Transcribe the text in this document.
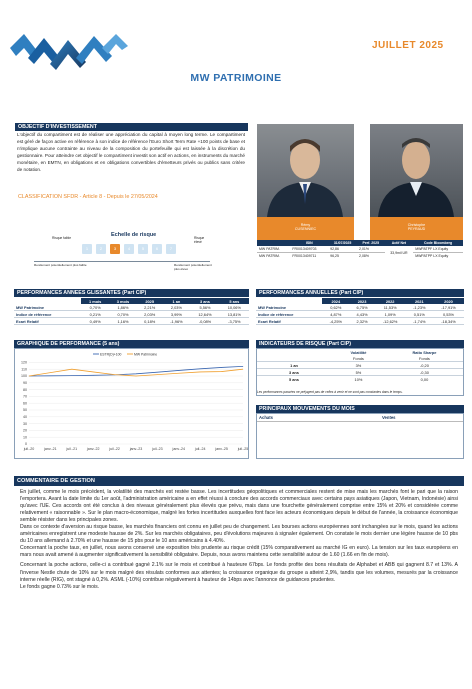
JUILLET 2025
MW PATRIMOINE
OBJECTIF D'INVESTISSEMENT
L'objectif du compartiment est de réaliser une appréciation du capital à moyen long terme. Le compartiment est géré de façon active en référence à son indice de référence l'Euro Short Term Rate +100 points de base et n'implique aucune contrainte au niveau de la composition du portefeuille qui est laissée à la discrétion du gestionnaire. Pour atteindre cet objectif le compartiment investit son actif en actions, en instruments du marché monétaire, en EMTN, en obligations et en obligations convertibles d'émetteurs privés ou publics sans critère de notation.
CLASSIFICATION SFDR - Article 8 - Depuis le 27/05/2024
Echelle de risque
Risque faible	Risque élevé
Rendement potentiellement plus faible	Rendement potentiellement plus élevé
1	2	3	4	5	6	7
Rémy
CUSENNIEC
Christophe
PEYRAUD
	ISIN	31/07/2025	Perf. 2025	Actif Net	Code Bloomberg
MW PATRIM.	FR0013409703	92,86	2,01%	33,9mil UR	MWPATPF LX Equity
MW PATRIM.	FR0013409711	96,25	2,08%		MWPATPP LX Equity
PERFORMANCES ANNEES GLISSANTES (Part CIP)
	1 mois	3 mois	2025	1 an	3 ans	5 ans
MW Patrimoine	0,70%	1,86%	2,21%	2,03%	5,56%	10,06%
Indice de référence	0,21%	0,70%	2,03%	3,99%	12,64%	13,81%
Ecart Relatif	0,49%	1,16%	0,18%	-1,96%	-0,08%	-3,75%
PERFORMANCES ANNUELLES (Part CIP)
	2024	2023	2022	2021	2020
MW Patrimoine	0,62%	6,75%	11,53%	-1,23%	-17,91%
Indice de référence	4,87%	4,43%	1,09%	0,51%	0,53%
Ecart Relatif	-4,25%	2,32%	-12,62%	-1,74%	-18,34%
GRAPHIQUE DE PERFORMANCE (5 ans)
0
10
20
30
40
50
60
70
80
90
100
110
120
juil.-20	janv.-21	juil.-21	janv.-22	juil.-22	janv.-23	juil.-23	janv.-24	juil.-24	janv.-25	juil.-25
ESTR(D)+100	MW Patrimoine
INDICATEURS DE RISQUE (Part CIP)
	Volatilité	Ratio Sharpe
	Fonds	Fonds
1 an	3%	-0,20
3 ans	5%	-0,30
5 ans	10%	0,00
Les performances passées ne préjugent pas de celles à venir et ne sont pas constantes dans le temps.
PRINCIPAUX MOUVEMENTS DU MOIS
Achats	Ventes
COMMENTAIRE DE GESTION

En juillet, comme le mois précédent, la volatilité des marchés est restée basse. Les incertitudes géopolitiques et commerciales restent de mise mais les marchés font le pari que la raison l'emportera. Avant la date limite du 1er août, l'administration américaine a en effet réussi à conclure des accords commerciaux avec certains pays asiatiques (Japon, Vietnam, Indonésie) ainsi qu'avec l'UE. Ces accords ont été conclus à des niveaux généralement plus élevés que prévu, mais dans une fourchette généralement comprise entre 15% et 20% et considérée comme relativement « raisonnable ». Sur le plan macro-économique, malgré les fortes incertitudes auxquelles font face les acteurs économiques depuis le début de l'année, la croissance économique semble résister dans les principales zones.

Dans ce contexte d'aversion au risque basse, les marchés financiers ont connu en juillet peu de changement. Les bourses actions européennes sont inchangées sur le mois, quand les actions américaines enregistrent une modeste hausse de 2%. Sur les marchés obligataires, peu d'évolutions majeures à signaler également. On constate le mois dernier une légère hausse de 10 pbs du 10 ans allemand à 2.70% et une hausse de 15 pbs pour le 10 ans américains à 4.40%.

Concernant la poche taux, en juillet, nous avons conservé une exposition très prudente au risque crédit (15% comparativement au marché IG en euro). La tension sur les taux européens en mars nous avait amené à augmenter significativement la sensibilité obligataire. Depuis, nous avons maintenu cette sensibilité autour de 1.60 (1.66 en fin de mois).

Concernant la poche actions, celle-ci a contribué gagné 2.1% sur le mois et contribué à hauteure 67bps. Le fonds profite des bons résultats de Alphabet et ABB qui gagnent 8.7 et 13%. A l'inverse Nestle chute de 10% sur le mois malgré des résulats conformes aux attentes; la croissance organique du groupe a atteint 2,9%, tandis que les volumes, mesurés par la croissance interne réelle (RIG), ont stagné à 0,2%. ASML (-10%) contribue négativement à hauteur de 14bps avec l'annonce de guidances prudentes.
Le fonds gagne 0.73% sur le mois.
